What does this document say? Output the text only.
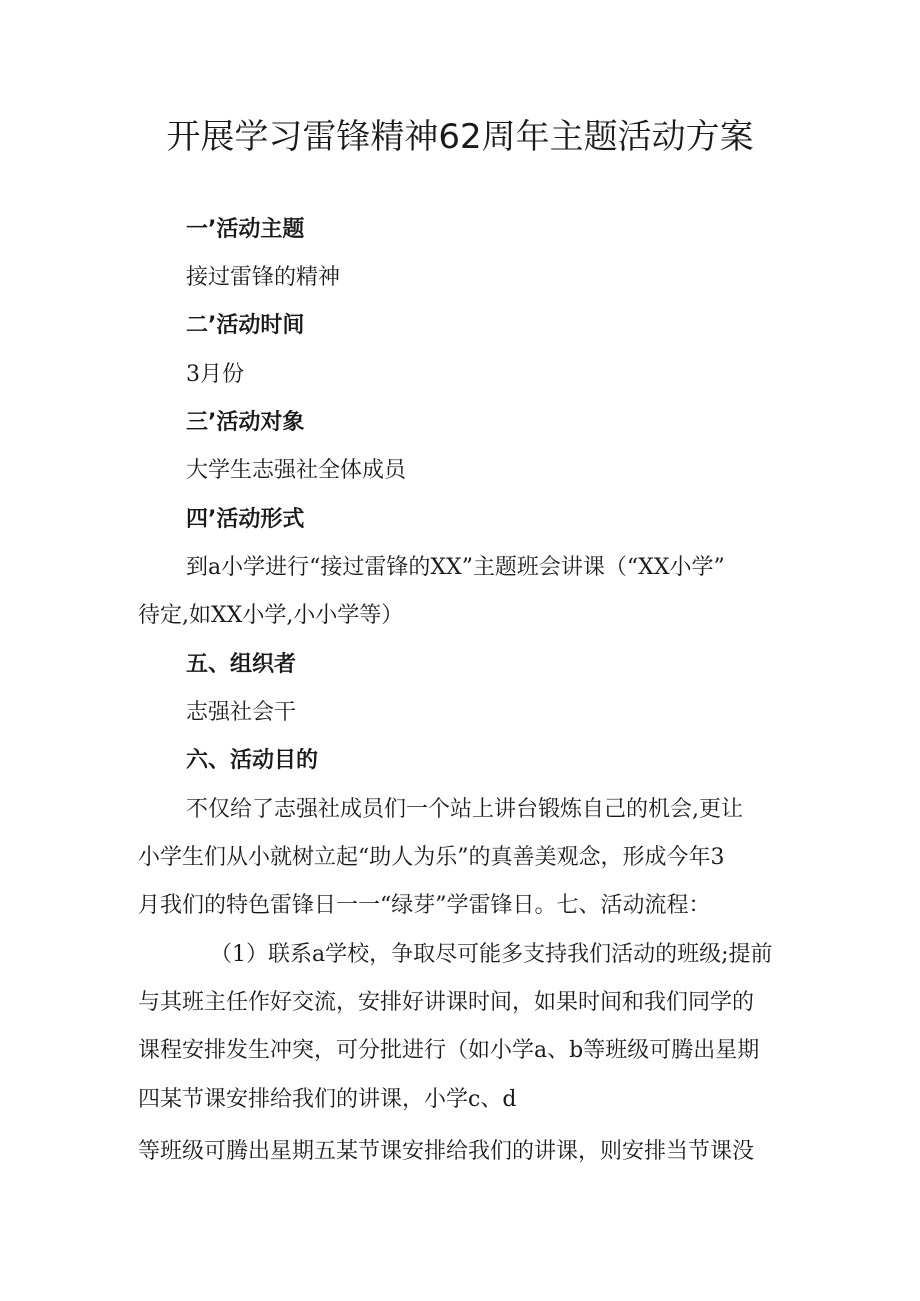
开展学习雷锋精神62周年主题活动方案
一’活动主题
接过雷锋的精神
二’活动时间
3月份
三’活动对象
大学生志强社全体成员
四’活动形式
到a小学进行“接过雷锋的XX”主题班会讲课（“XX小学”
待定,如XX小学,小小学等）
五、组织者
志强社会干
六、活动目的
不仅给了志强社成员们一个站上讲台锻炼自己的机会,更让
小学生们从小就树立起“助人为乐”的真善美观念，形成今年3
月我们的特色雷锋日一一“绿芽”学雷锋日。七、活动流程：
（1）联系a学校，争取尽可能多支持我们活动的班级;提前
与其班主任作好交流，安排好讲课时间，如果时间和我们同学的
课程安排发生冲突，可分批进行（如小学a、b等班级可腾出星期
四某节课安排给我们的讲课，小学c、d
等班级可腾出星期五某节课安排给我们的讲课，则安排当节课没
